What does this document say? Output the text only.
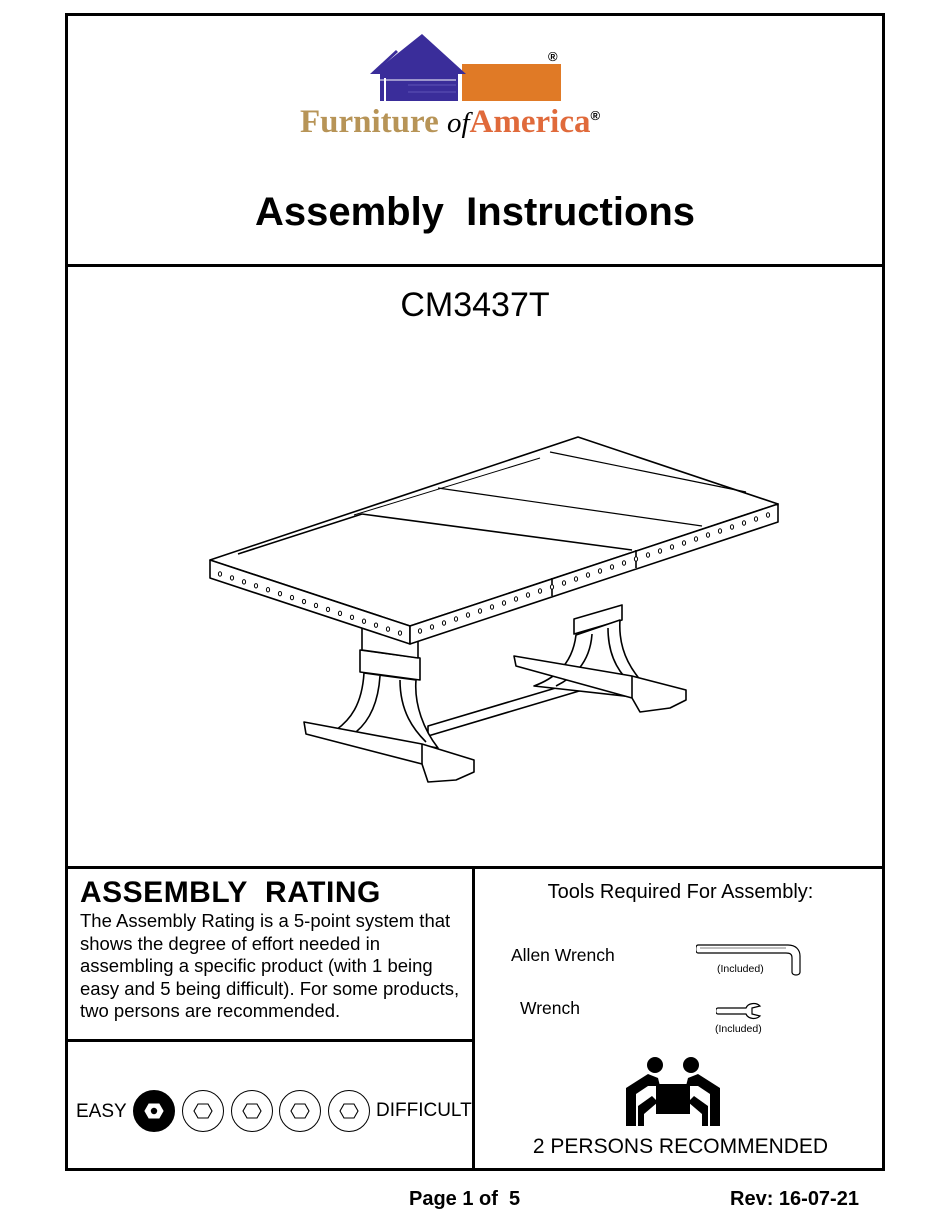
®
Furniture ofAmerica®
Assembly  Instructions
CM3437T
ASSEMBLY  RATING
The Assembly Rating is a 5-point system that shows the degree of effort needed in assembling a specific product (with 1 being easy and 5 being difficult). For some products, two persons are recommended.
EASY	DIFFICULT
Tools Required For Assembly:
Allen Wrench
(Included)
Wrench
(Included)
2 PERSONS RECOMMENDED
Page 1 of  5	Rev: 16-07-21
